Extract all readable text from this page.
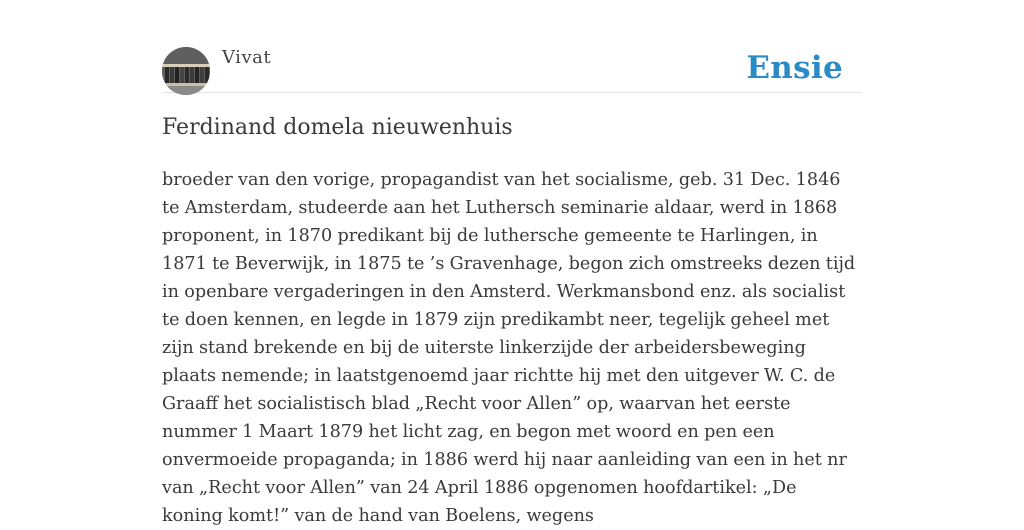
Vivat	Ensie
Ferdinand domela nieuwenhuis

broeder van den vorige, propagandist van het socialisme, geb. 31 Dec. 1846 te Amsterdam, studeerde aan het Luthersch seminarie aldaar, werd in 1868 proponent, in 1870 predikant bij de luthersche gemeente te Harlingen, in 1871 te Beverwijk, in 1875 te ’s Gravenhage, begon zich omstreeks dezen tijd in openbare vergaderingen in den Amsterd. Werkmansbond enz. als socialist te doen kennen, en legde in 1879 zijn predikambt neer, tegelijk geheel met zijn stand brekende en bij de uiterste linkerzijde der arbeidersbeweging plaats nemende; in laatstgenoemd jaar richtte hij met den uitgever W. C. de Graaff het socialistisch blad „Recht voor Allen” op, waarvan het eerste nummer 1 Maart 1879 het licht zag, en begon met woord en pen een onvermoeide propaganda; in 1886 werd hij naar aanleiding van een in het nr van „Recht voor Allen” van 24 April 1886 opgenomen hoofdartikel: „De koning komt!” van de hand van Boelens, wegens
